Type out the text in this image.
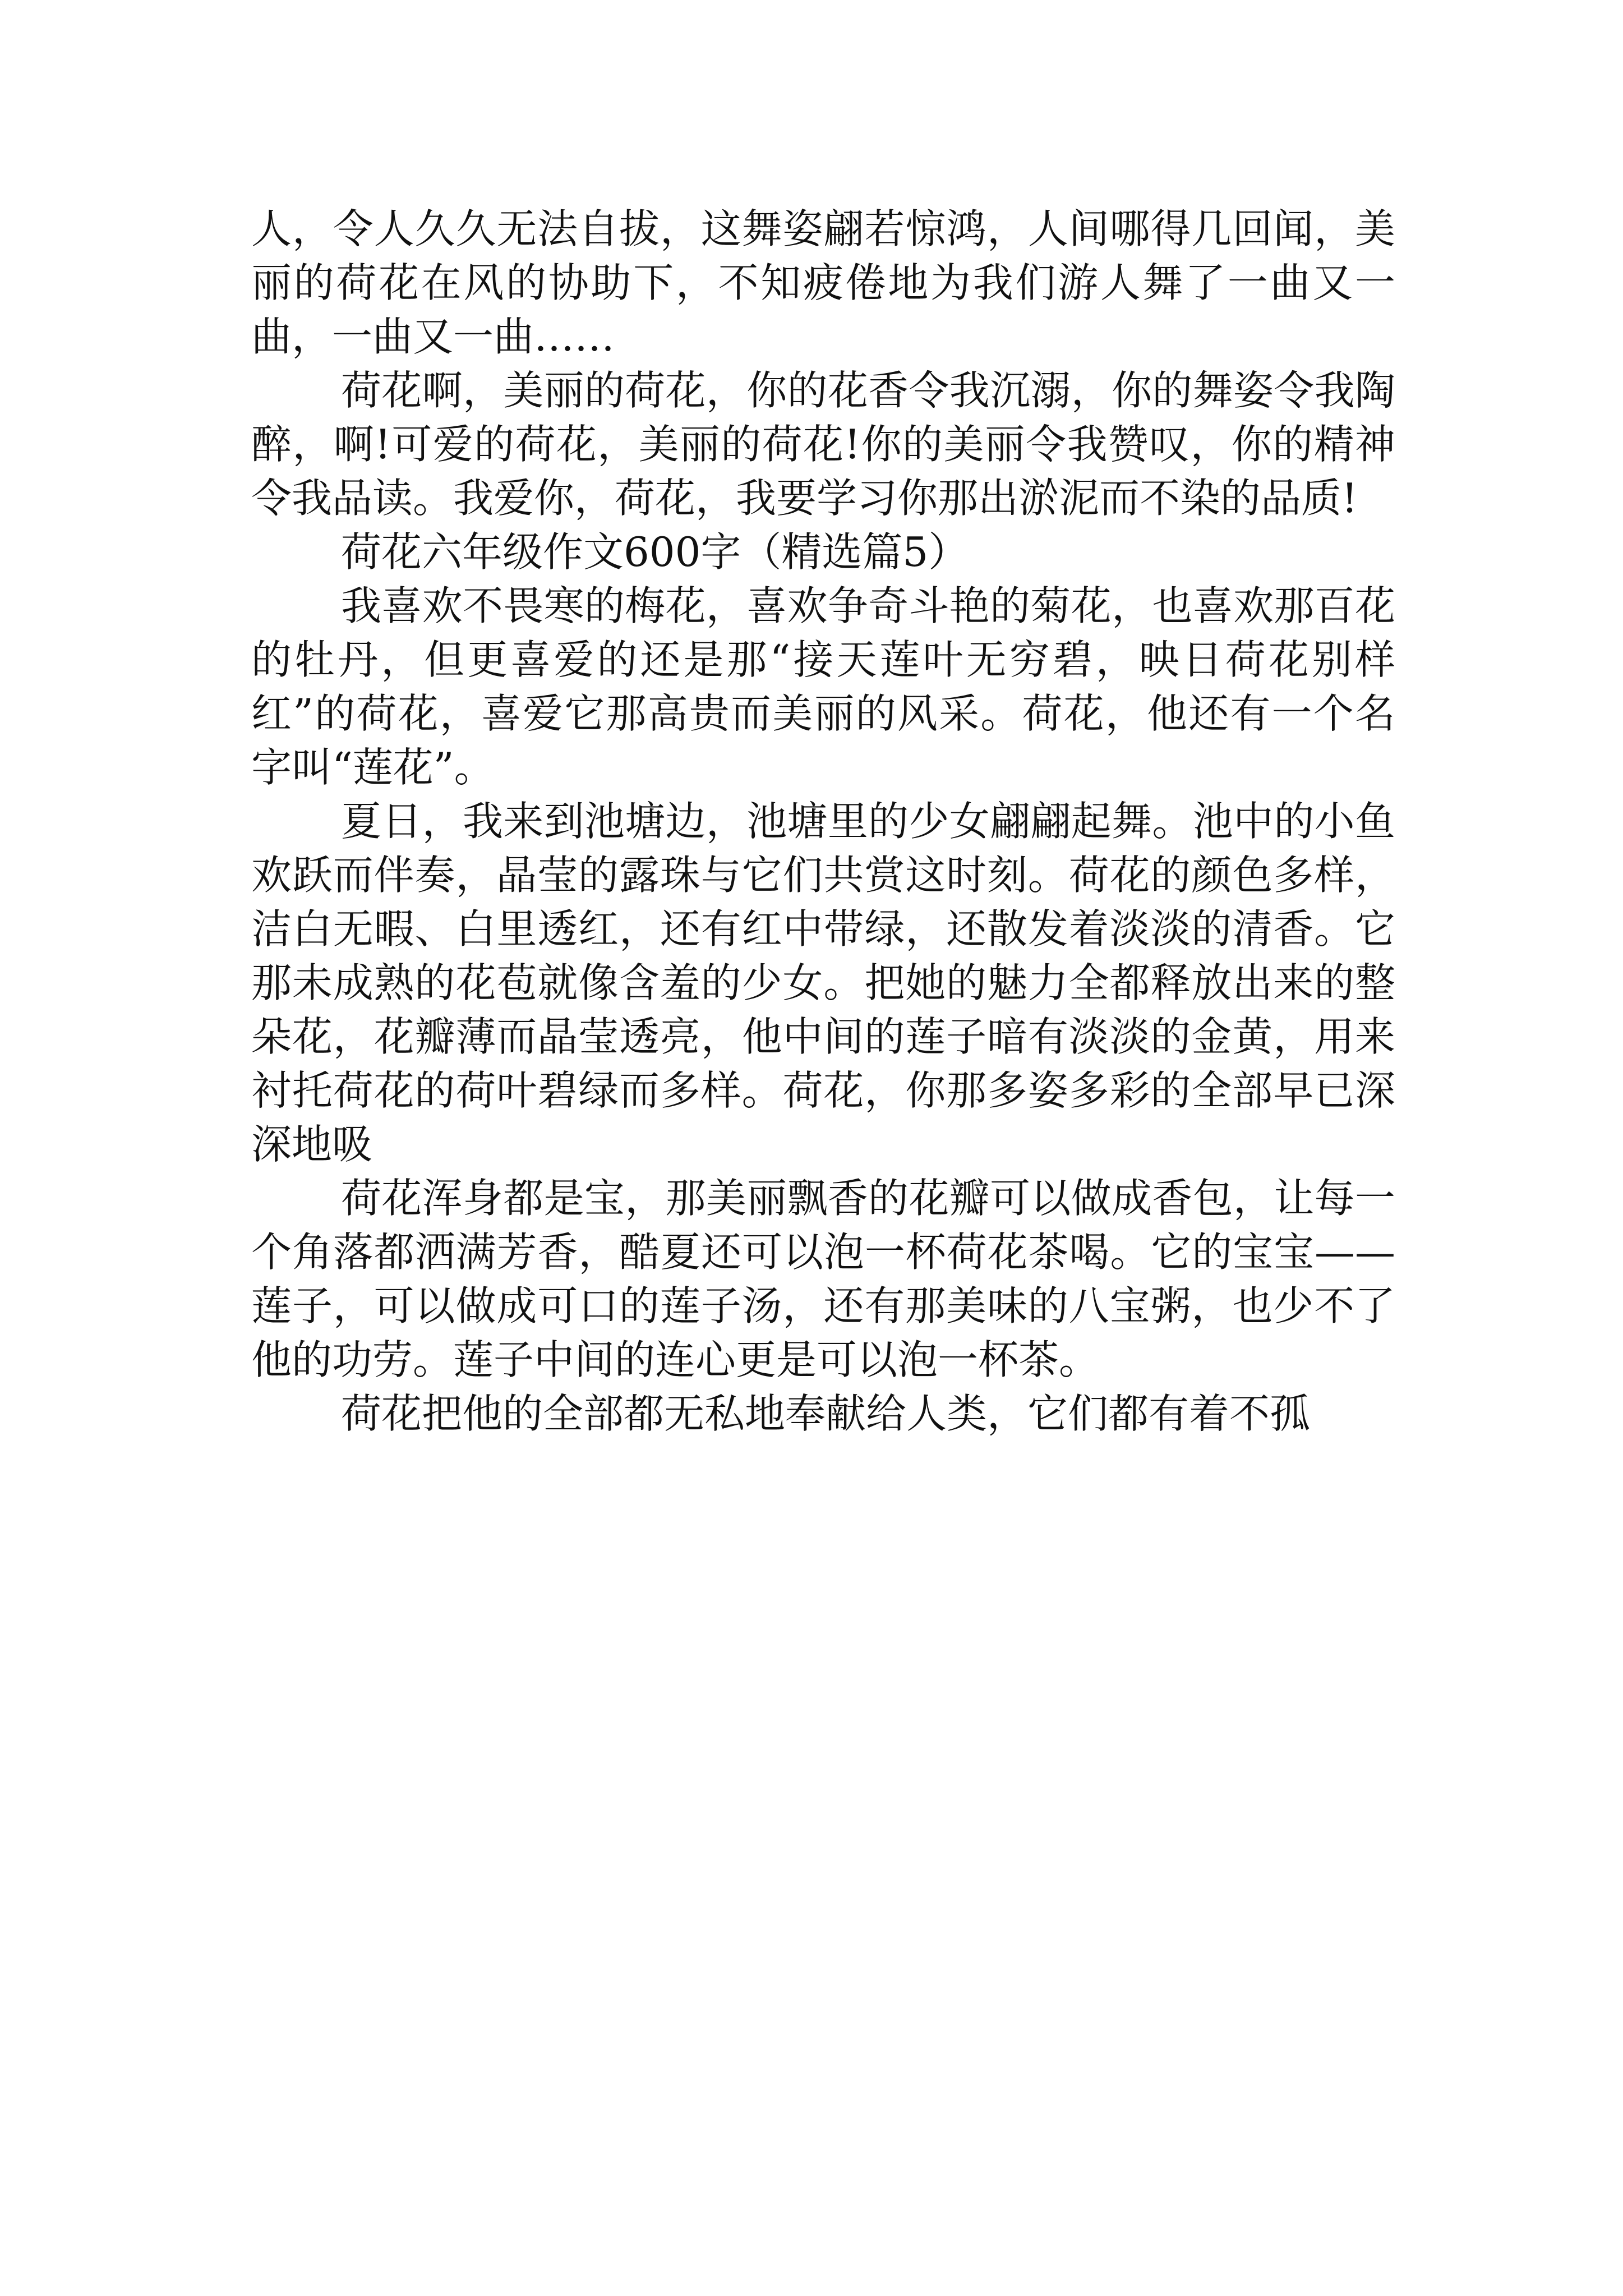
人，令人久久无法自拔，这舞姿翩若惊鸿，人间哪得几回闻，美丽的荷花在风的协助下，不知疲倦地为我们游人舞了一曲又一曲，一曲又一曲……

荷花啊，美丽的荷花，你的花香令我沉溺，你的舞姿令我陶醉，啊!可爱的荷花，美丽的荷花!你的美丽令我赞叹，你的精神令我品读。我爱你，荷花，我要学习你那出淤泥而不染的品质!

荷花六年级作文600字（精选篇5）

我喜欢不畏寒的梅花，喜欢争奇斗艳的菊花，也喜欢那百花的牡丹，但更喜爱的还是那“接天莲叶无穷碧，映日荷花别样红”的荷花，喜爱它那高贵而美丽的风采。荷花，他还有一个名字叫“莲花”。

夏日，我来到池塘边，池塘里的少女翩翩起舞。池中的小鱼欢跃而伴奏，晶莹的露珠与它们共赏这时刻。荷花的颜色多样，洁白无暇、白里透红，还有红中带绿，还散发着淡淡的清香。它那未成熟的花苞就像含羞的少女。把她的魅力全都释放出来的整朵花，花瓣薄而晶莹透亮，他中间的莲子暗有淡淡的金黄，用来衬托荷花的荷叶碧绿而多样。荷花，你那多姿多彩的全部早已深深地吸

荷花浑身都是宝，那美丽飘香的花瓣可以做成香包，让每一个角落都洒满芳香，酷夏还可以泡一杯荷花茶喝。它的宝宝——莲子，可以做成可口的莲子汤，还有那美味的八宝粥，也少不了他的功劳。莲子中间的连心更是可以泡一杯茶。

荷花把他的全部都无私地奉献给人类，它们都有着不孤
